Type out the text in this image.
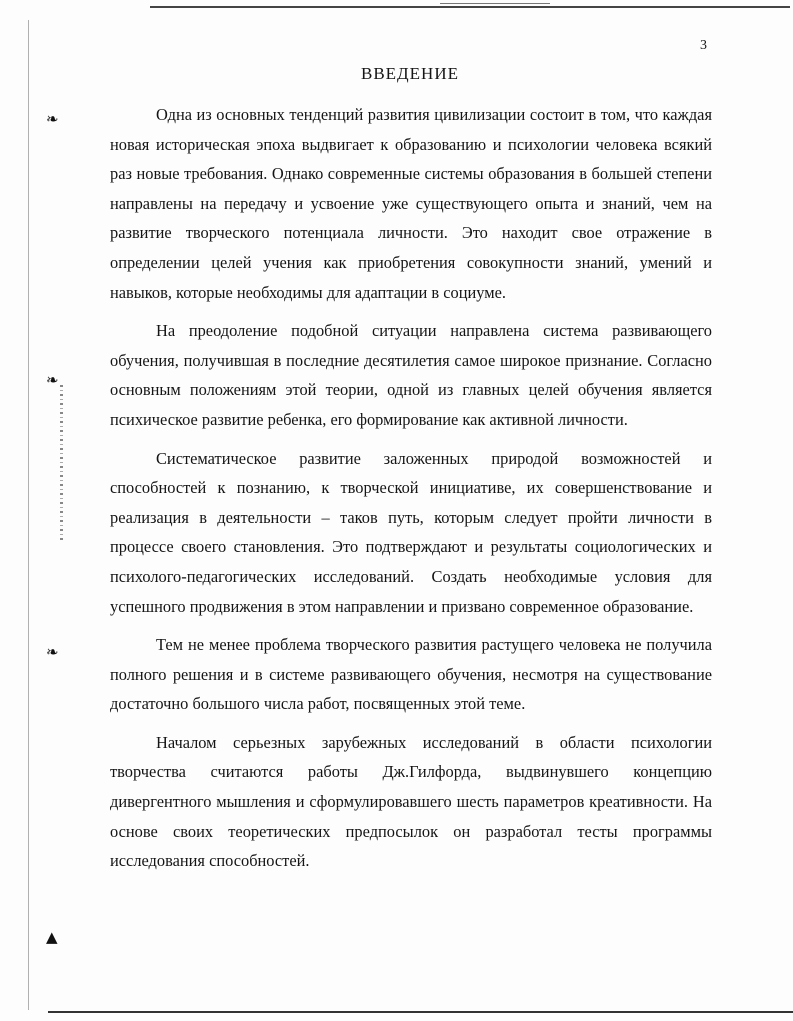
❧
❧
❧
▲
3
ВВЕДЕНИЕ

Одна из основных тенденций развития цивилизации состоит в том, что каждая новая историческая эпоха выдвигает к образованию и психологии человека всякий раз новые требования. Однако современные системы образования в большей степени направлены на передачу и усвоение уже существующего опыта и знаний, чем на развитие творческого потенциала личности. Это находит свое отражение в определении целей учения как приобретения совокупности знаний, умений и навыков, которые необходимы для адаптации в социуме.

На преодоление подобной ситуации направлена система развивающего обучения, получившая в последние десятилетия самое широкое признание. Согласно основным положениям этой теории, одной из главных целей обучения является психическое развитие ребенка, его формирование как активной личности.

Систематическое развитие заложенных природой возможностей и способностей к познанию, к творческой инициативе, их совершенствование и реализация в деятельности – таков путь, которым следует пройти личности в процессе своего становления. Это подтверждают и результаты социологических и психолого-педагогических исследований. Создать необходимые условия для успешного продвижения в этом направлении и призвано современное образование.

Тем не менее проблема творческого развития растущего человека не получила полного решения и в системе развивающего обучения, несмотря на существование достаточно большого числа работ, посвященных этой теме.

Началом серьезных зарубежных исследований в области психологии творчества считаются работы Дж.Гилфорда, выдвинувшего концепцию дивергентного мышления и сформулировавшего шесть параметров креативности. На основе своих теоретических предпосылок он разработал тесты программы исследования способностей.
